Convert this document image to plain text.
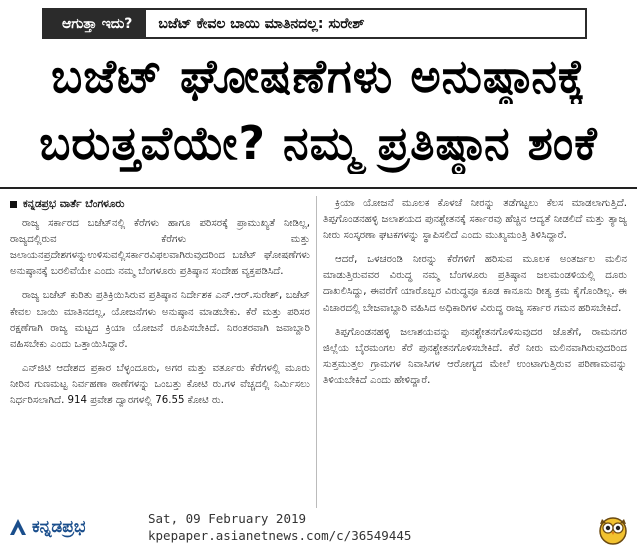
ಆಗುತ್ತಾ ಇದು?	ಬಜೆಟ್ ಕೇವಲ ಬಾಯಿ ಮಾತಿನದಲ್ಲ: ಸುರೇಶ್
ಬಜೆಟ್ ಘೋಷಣೆಗಳು ಅನುಷ್ಠಾನಕ್ಕೆ
ಬರುತ್ತವೆಯೇ? ನಮ್ಮ ಪ್ರತಿಷ್ಠಾನ ಶಂಕೆ
ಕನ್ನಡಪ್ರಭ ವಾರ್ತೆ ಬೆಂಗಳೂರು

ರಾಜ್ಯ ಸರ್ಕಾರದ ಬಜೆಟ್‌ನಲ್ಲಿ ಕೆರೆಗಳು ಹಾಗೂ ಪರಿಸರಕ್ಕೆ ಪ್ರಾಮುಖ್ಯತೆ ನೀಡಿಲ್ಲ, ರಾಜ್ಯದಲ್ಲಿರುವ ಕೆರೆಗಳು ಮತ್ತು ಜಲಾಯನಪ್ರದೇಶಗಳನ್ನುಉಳಿಸುವಲ್ಲಿಸರ್ಕಾರವಿಫಲವಾಗಿರುವುದರಿಂದ ಬಜೆಟ್ ಘೋಷಣೆಗಳು ಅನುಷ್ಠಾನಕ್ಕೆ ಬರಲಿವೆಯೇ ಎಂದು ನಮ್ಮ ಬೆಂಗಳೂರು ಪ್ರತಿಷ್ಠಾನ ಸಂದೇಹ ವ್ಯಕ್ತಪಡಿಸಿದೆ.

ರಾಜ್ಯ ಬಜೆಟ್ ಕುರಿತು ಪ್ರತಿಕ್ರಿಯಿಸಿರುವ ಪ್ರತಿಷ್ಠಾನ ನಿರ್ದೇಶಕ ಎನ್.ಆರ್.ಸುರೇಶ್, ಬಜೆಟ್ ಕೇವಲ ಬಾಯಿ ಮಾತಿನದಲ್ಲ, ಯೋಜನೆಗಳು ಅನುಷ್ಠಾನ ಮಾಡಬೇಕು. ಕೆರೆ ಮತ್ತು ಪರಿಸರ ರಕ್ಷಣೆಗಾಗಿ ರಾಜ್ಯ ಮಟ್ಟದ ಕ್ರಿಯಾ ಯೋಜನೆ ರೂಪಿಸಬೇಕಿದೆ. ನಿರಂತರವಾಗಿ ಜವಾಬ್ದಾರಿ ವಹಿಸಬೇಕು ಎಂದು ಒತ್ತಾಯಿಸಿದ್ದಾರೆ.

ಎನ್‌ಜಿಟಿ ಆದೇಶದ ಪ್ರಕಾರ ಬೆಳ್ಳಂದೂರು, ಅಗರ ಮತ್ತು ವರ್ತೂರು ಕೆರೆಗಳಲ್ಲಿ ಮೂರು ನೀರಿನ ಗುಣಮಟ್ಟ ನಿರ್ವಹಣಾ ಠಾಣೆಗಳನ್ನು ಒಂಬತ್ತು ಕೋಟಿ ರು.ಗಳ ವೆಚ್ಚದಲ್ಲಿ ನಿರ್ಮಿಸಲು ನಿರ್ಧರಿಸಲಾಗಿದೆ. 914 ಪ್ರವೇಶ ದ್ವಾರಗಳಲ್ಲಿ 76.55 ಕೋಟಿ ರು.

ಕ್ರಿಯಾ ಯೋಜನೆ ಮೂಲಕ ಕೊಳಚೆ ನೀರನ್ನು ತಡೆಗಟ್ಟಲು ಕೆಲಸ ಮಾಡಲಾಗುತ್ತಿದೆ. ತಿಪ್ಪಗೊಂಡನಹಳ್ಳಿ ಜಲಾಶಯದ ಪುನಶ್ಚೇತನಕ್ಕೆ ಸರ್ಕಾರವು ಹೆಚ್ಚಿನ ಆದ್ಯತೆ ನೀಡಲಿದೆ ಮತ್ತು ತ್ಯಾಜ್ಯ ನೀರು ಸಂಸ್ಕರಣಾ ಘಟಕಗಳನ್ನು ಸ್ಥಾಪಿಸಲಿದೆ ಎಂದು ಮುಖ್ಯಮಂತ್ರಿ ತಿಳಿಸಿದ್ದಾರೆ.

ಆದರೆ, ಒಳಚರಂಡಿ ನೀರನ್ನು ಕೆರೆಗಳಿಗೆ ಹರಿಸುವ ಮೂಲಕ ಅಂತರ್ಜಲ ಮಲಿನ ಮಾಡುತ್ತಿರುವವರ ವಿರುದ್ಧ ನಮ್ಮ ಬೆಂಗಳೂರು ಪ್ರತಿಷ್ಠಾನ ಜಲಮಂಡಳಿಯಲ್ಲಿ ದೂರು ದಾಖಲಿಸಿದ್ದು, ಈವರೆಗೆ ಯಾರೊಬ್ಬರ ವಿರುದ್ಧವೂ ಕೂಡ ಕಾನೂನು ರೀತ್ಯ ಕ್ರಮ ಕೈಗೊಂಡಿಲ್ಲ. ಈ ವಿಚಾರದಲ್ಲಿ ಬೇಜವಾಬ್ದಾರಿ ವಹಿಸಿದ ಅಧಿಕಾರಿಗಳ ವಿರುದ್ಧ ರಾಜ್ಯ ಸರ್ಕಾರ ಗಮನ ಹರಿಸಬೇಕಿದೆ.

ತಿಪ್ಪಗೊಂಡನಹಳ್ಳಿ ಜಲಾಶಯವನ್ನು ಪುನಶ್ಚೇತನಗೊಳಿಸುವುದರ ಜೊತೆಗೆ, ರಾಮನಗರ ಜಿಲ್ಲೆಯ ಬೈರಮಂಗಲ ಕೆರೆ ಪುನಶ್ಚೇತನಗೊಳಿಸಬೇಕಿದೆ. ಕೆರೆ ನೀರು ಮಲಿನವಾಗಿರುವುದರಿಂದ ಸುತ್ತಮುತ್ತಲ ಗ್ರಾಮಗಳ ನಿವಾಸಿಗಳ ಆರೋಗ್ಯದ ಮೇಲೆ ಉಂಟಾಗುತ್ತಿರುವ ಪರಿಣಾಮವನ್ನು ತಿಳಿಯಬೇಕಿದೆ ಎಂದು ಹೇಳಿದ್ದಾರೆ.

ಕನ್ನಡಪ್ರಭ	Sat, 09 February 2019
kpepaper.asianetnews.com/c/36549445
